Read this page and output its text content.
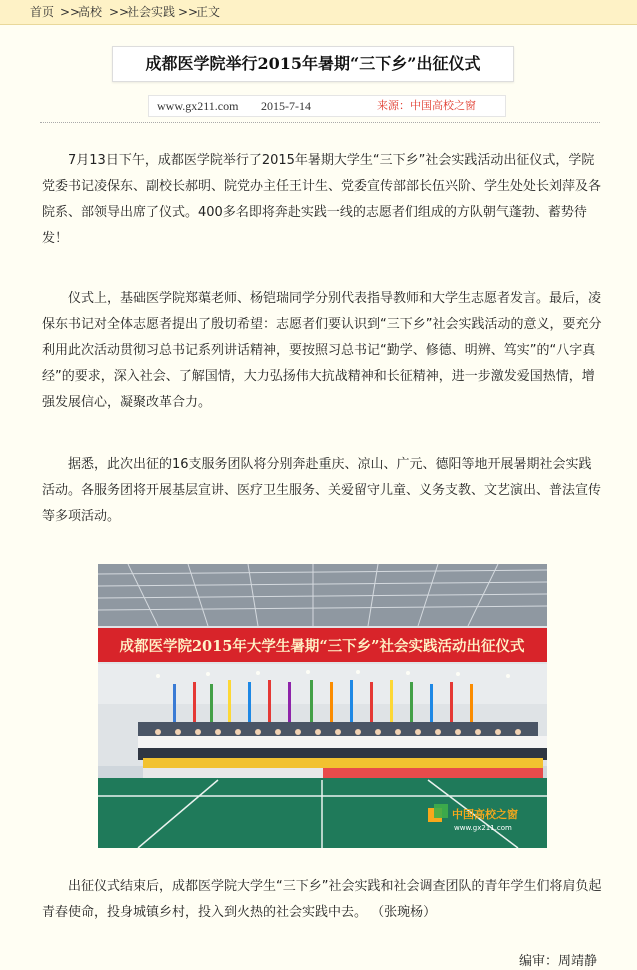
首页 >>
高校 >>
社会实践 >>
正文
成都医学院举行2015年暑期“三下乡”出征仪式
www.gx211.com 2015-7-14	来源：中国高校之窗

7月13日下午，成都医学院举行了2015年暑期大学生“三下乡”社会实践活动出征仪式，学院党委书记凌保东、副校长郝明、院党办主任王计生、党委宣传部部长伍兴阶、学生处处长刘萍及各院系、部领导出席了仪式。400多名即将奔赴实践一线的志愿者们组成的方队朝气蓬勃、蓄势待发！

仪式上，基础医学院郑蕖老师、杨铠瑞同学分别代表指导教师和大学生志愿者发言。最后，凌保东书记对全体志愿者提出了殷切希望：志愿者们要认识到“三下乡”社会实践活动的意义，要充分利用此次活动贯彻习总书记系列讲话精神，要按照习总书记“勤学、修德、明辨、笃实”的“八字真经”的要求，深入社会、了解国情，大力弘扬伟大抗战精神和长征精神，进一步激发爱国热情，增强发展信心，凝聚改革合力。

据悉，此次出征的16支服务团队将分别奔赴重庆、凉山、广元、德阳等地开展暑期社会实践活动。各服务团将开展基层宣讲、医疗卫生服务、关爱留守儿童、义务支教、文艺演出、普法宣传等多项活动。

成都医学院2015年大学生暑期“三下乡”社会实践活动出征仪式
中国高校之窗
www.gx211.com

出征仪式结束后，成都医学院大学生“三下乡”社会实践和社会调查团队的青年学生们将肩负起青春使命，投身城镇乡村，投入到火热的社会实践中去。 （张琬杨）

编审：周靖静
